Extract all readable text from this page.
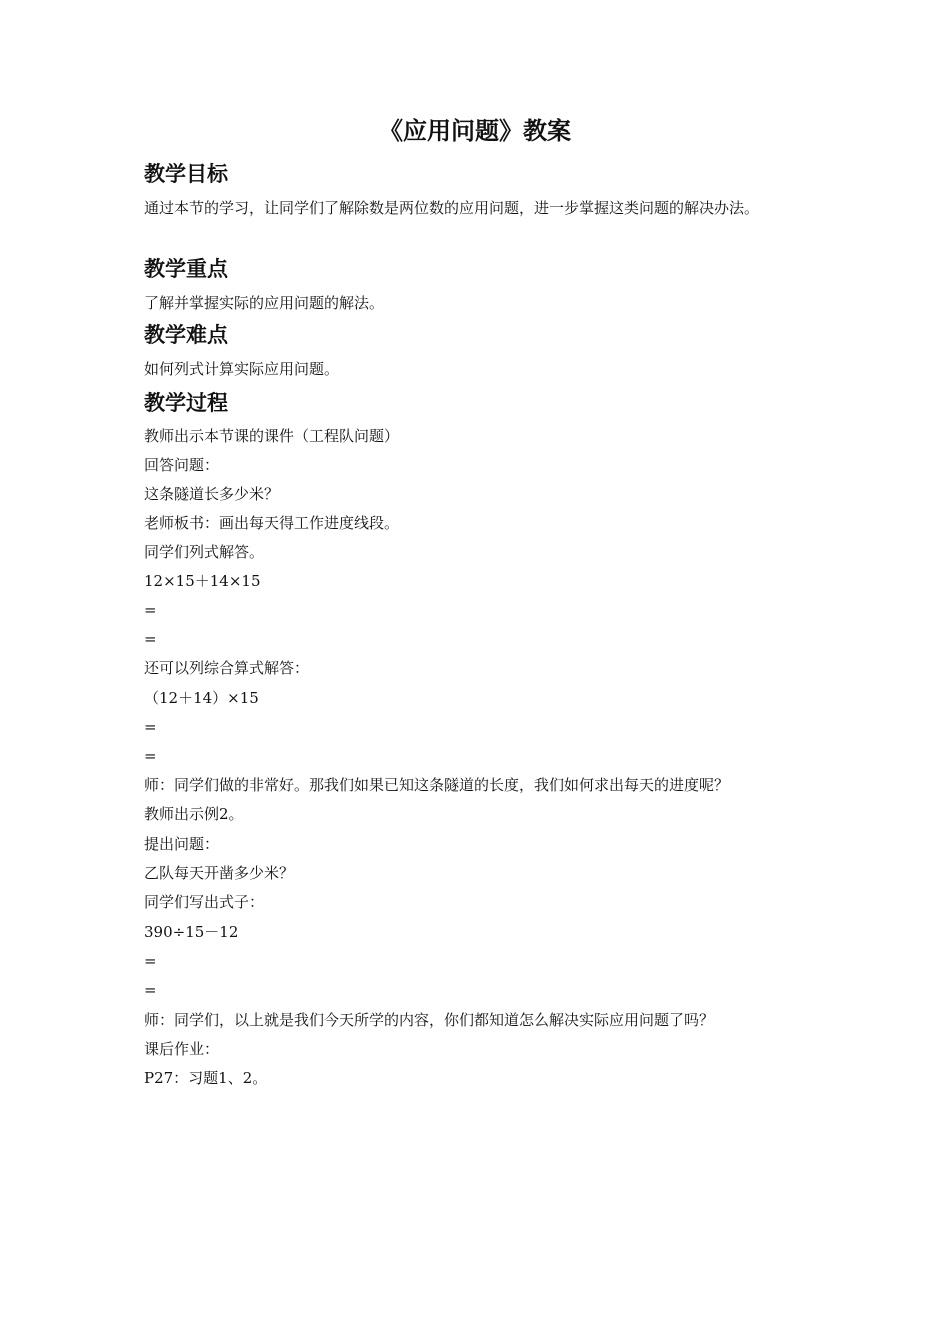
《应用问题》教案
教学目标

通过本节的学习，让同学们了解除数是两位数的应用问题，进一步掌握这类问题的解决办法。

教学重点

了解并掌握实际的应用问题的解法。

教学难点

如何列式计算实际应用问题。

教学过程

教师出示本节课的课件（工程队问题）

回答问题：

这条隧道长多少米？

老师板书：画出每天得工作进度线段。

同学们列式解答。

12×15＋14×15

=

=

还可以列综合算式解答：

（12＋14）×15

=

=

师：同学们做的非常好。那我们如果已知这条隧道的长度，我们如何求出每天的进度呢？

教师出示例2。

提出问题：

乙队每天开凿多少米？

同学们写出式子：

390÷15－12

=

=

师：同学们，以上就是我们今天所学的内容，你们都知道怎么解决实际应用问题了吗？

课后作业：

P27：习题1、2。
